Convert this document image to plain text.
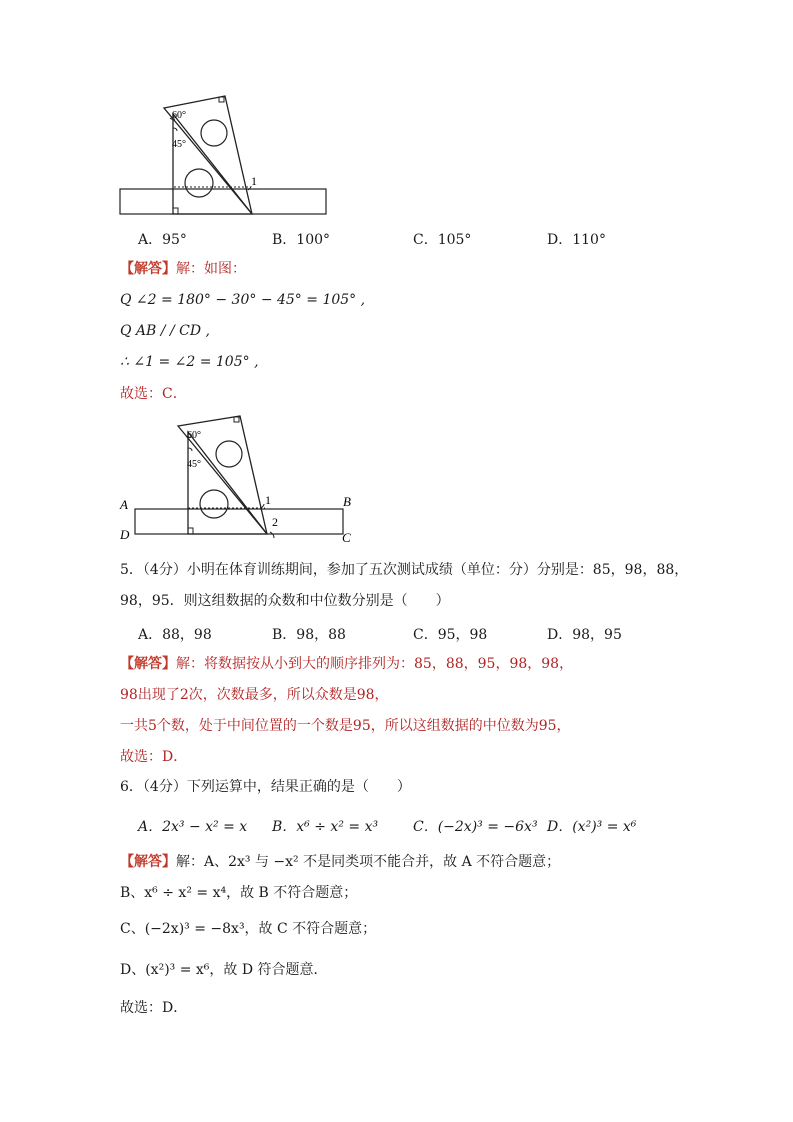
60°
45°
1
A．95°	B．100°	C．105°	D．110°
【解答】解：如图：
Q ∠2 = 180° − 30° − 45° = 105° ,
Q AB / / CD ,
∴ ∠1 = ∠2 = 105° ,
故选：C．
60°
45°
1
2
A	B
C
D
5．（4分）小明在体育训练期间，参加了五次测试成绩（单位：分）分别是：85，98，88，
98，95．则这组数据的众数和中位数分别是（　　）
A．88，98	B．98，88	C．95，98	D．98，95
【解答】解：将数据按从小到大的顺序排列为：85，88，95，98，98，
98出现了2次，次数最多，所以众数是98，
一共5个数，处于中间位置的一个数是95，所以这组数据的中位数为95，
故选：D．
6．（4分）下列运算中，结果正确的是（　　）
A．2x³ − x² = x B．x⁶ ÷ x² = x³ C．(−2x)³ = −6x³ D．(x²)³ = x⁶
【解答】解：A、2x³ 与 −x² 不是同类项不能合并，故 A 不符合题意；
B、x⁶ ÷ x² = x⁴，故 B 不符合题意；
C、(−2x)³ = −8x³，故 C 不符合题意；
D、(x²)³ = x⁶，故 D 符合题意．
故选：D．
